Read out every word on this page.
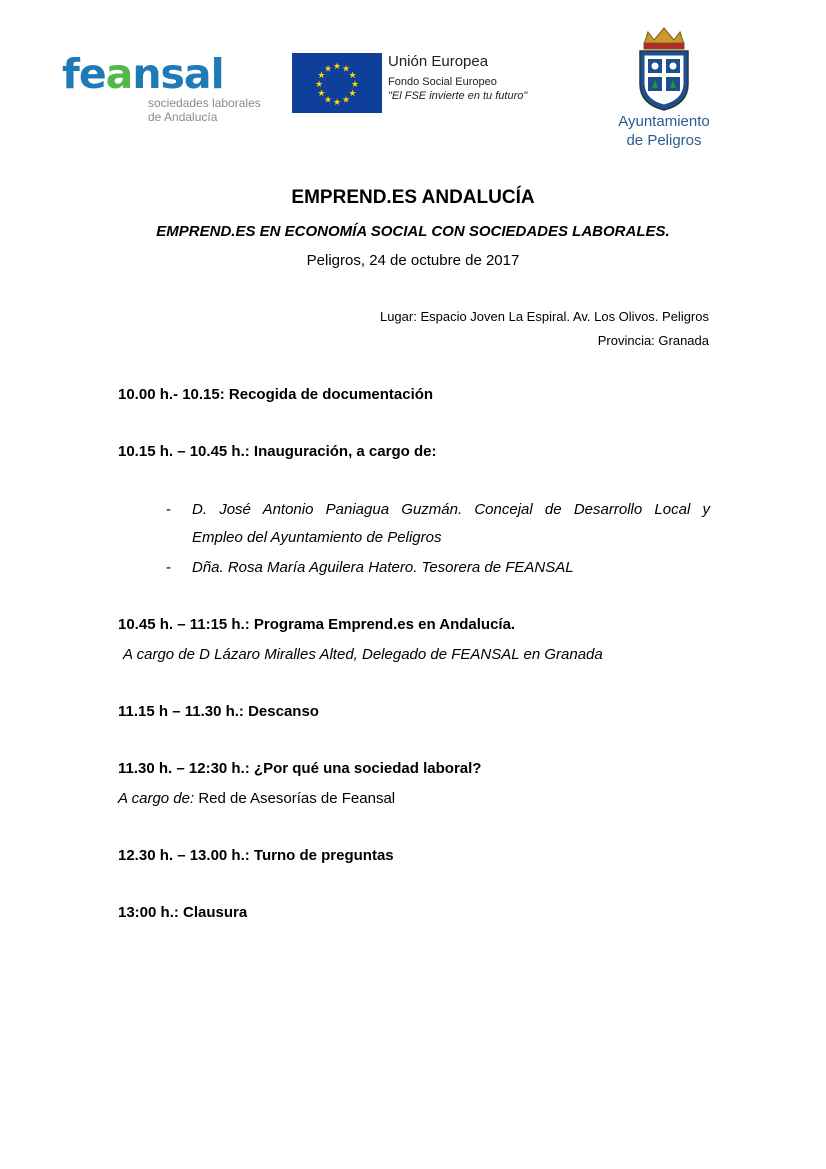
feansal
sociedades laborales
de Andalucía
★ ★
★
★
★
★
★
★
★
★
★
★	Unión Europea
Fondo Social Europeo
"El FSE invierte en tu futuro"
Ayuntamiento
de Peligros
EMPREND.ES ANDALUCÍA
EMPREND.ES EN ECONOMÍA SOCIAL CON SOCIEDADES LABORALES.
Peligros, 24 de octubre de 2017
Lugar: Espacio Joven La Espiral. Av. Los Olivos. Peligros
Provincia: Granada
10.00 h.- 10.15: Recogida de documentación
10.15 h. – 10.45 h.: Inauguración, a cargo de:
- D. José Antonio Paniagua Guzmán. Concejal de Desarrollo Local y
Empleo del Ayuntamiento de Peligros
- Dña. Rosa María Aguilera Hatero. Tesorera de FEANSAL
10.45 h. – 11:15 h.: Programa Emprend.es en Andalucía.
A cargo de D Lázaro Miralles Alted, Delegado de FEANSAL en Granada
11.15 h – 11.30 h.: Descanso
11.30 h. – 12:30 h.: ¿Por qué una sociedad laboral?
A cargo de: Red de Asesorías de Feansal
12.30 h. – 13.00 h.: Turno de preguntas
13:00 h.: Clausura
